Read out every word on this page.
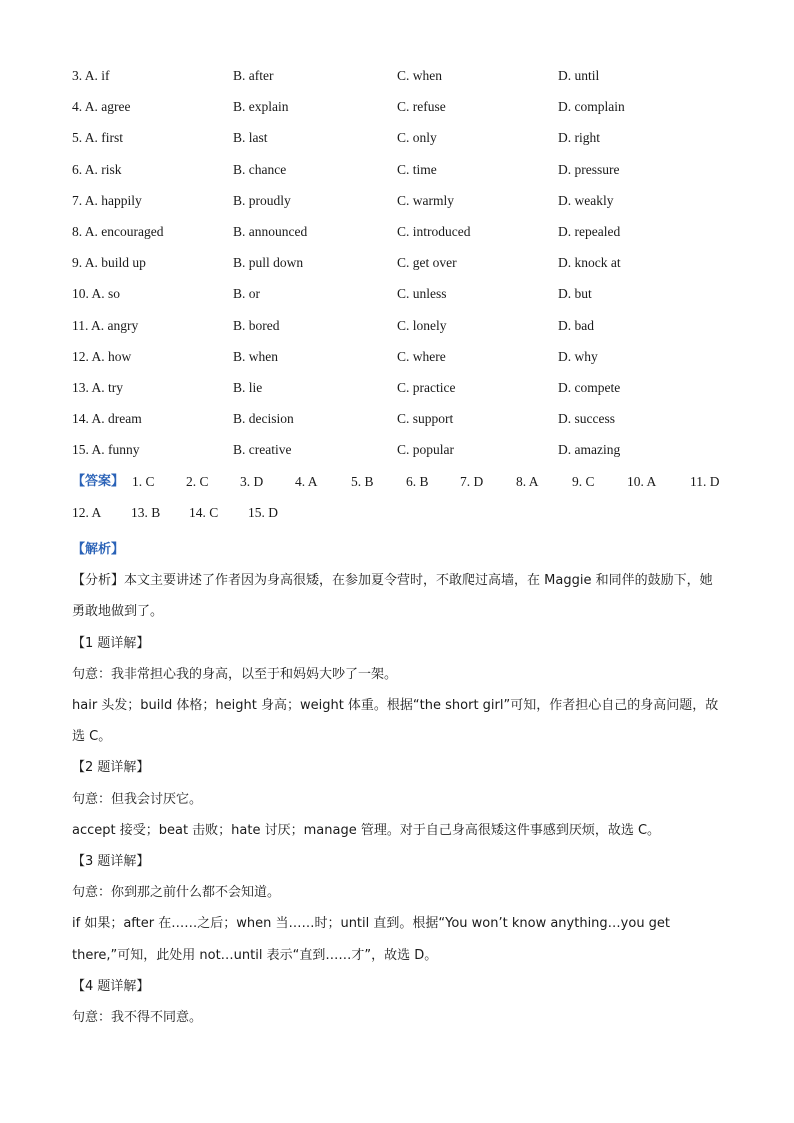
3. A. if	B. after	C. when	D. until
4. A. agree	B. explain	C. refuse	D. complain
5. A. first	B. last	C. only	D. right
6. A. risk	B. chance	C. time	D. pressure
7. A. happily	B. proudly	C. warmly	D. weakly
8. A. encouraged	B. announced	C. introduced	D. repealed
9. A. build up	B. pull down	C. get over	D. knock at
10. A. so	B. or	C. unless	D. but
11. A. angry	B. bored	C. lonely	D. bad
12. A. how	B. when	C. where	D. why
13. A. try	B. lie	C. practice	D. compete
14. A. dream	B. decision	C. support	D. success
15. A. funny	B. creative	C. popular	D. amazing
【答案】 1. C 2. C 3. D 4. A 5. B 6. B 7. D 8. A 9. C 10. A 11. D
12. A 13. B 14. C 15. D

【解析】

【分析】本文主要讲述了作者因为身高很矮，在参加夏令营时，不敢爬过高墙，在 Maggie 和同伴的鼓励下，她勇敢地做到了。

【1 题详解】

句意：我非常担心我的身高，以至于和妈妈大吵了一架。

hair 头发；build 体格；height 身高；weight 体重。根据“the short girl”可知，作者担心自己的身高问题，故选 C。

【2 题详解】

句意：但我会讨厌它。

accept 接受；beat 击败；hate 讨厌；manage 管理。对于自己身高很矮这件事感到厌烦，故选 C。

【3 题详解】

句意：你到那之前什么都不会知道。

if 如果；after 在……之后；when 当……时；until 直到。根据“You won’t know anything…you get there,”可知，此处用 not…until 表示“直到……才”，故选 D。

【4 题详解】

句意：我不得不同意。
